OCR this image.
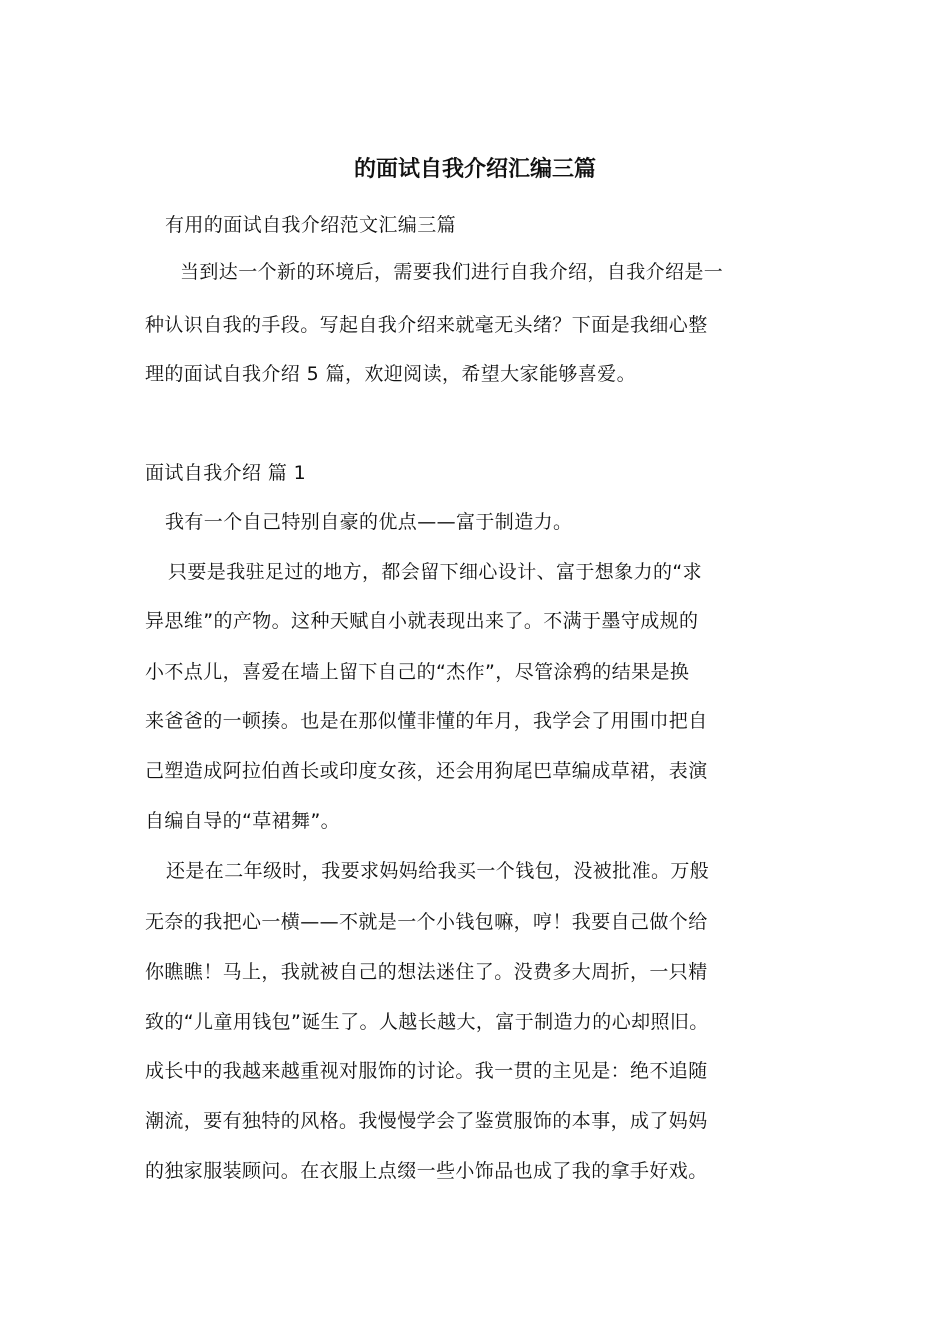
的面试自我介绍汇编三篇
有用的面试自我介绍范文汇编三篇
当到达一个新的环境后，需要我们进行自我介绍，自我介绍是一
种认识自我的手段。写起自我介绍来就毫无头绪？下面是我细心整
理的面试自我介绍 5 篇，欢迎阅读，希望大家能够喜爱。
面试自我介绍 篇 1
我有一个自己特别自豪的优点——富于制造力。
只要是我驻足过的地方，都会留下细心设计、富于想象力的“求
异思维”的产物。这种天赋自小就表现出来了。不满于墨守成规的
小不点儿，喜爱在墙上留下自己的“杰作”，尽管涂鸦的结果是换
来爸爸的一顿揍。也是在那似懂非懂的年月，我学会了用围巾把自
己塑造成阿拉伯酋长或印度女孩，还会用狗尾巴草编成草裙，表演
自编自导的“草裙舞”。
还是在二年级时，我要求妈妈给我买一个钱包，没被批准。万般
无奈的我把心一横——不就是一个小钱包嘛，哼！我要自己做个给
你瞧瞧！马上，我就被自己的想法迷住了。没费多大周折，一只精
致的“儿童用钱包”诞生了。人越长越大，富于制造力的心却照旧。
成长中的我越来越重视对服饰的讨论。我一贯的主见是：绝不追随
潮流，要有独特的风格。我慢慢学会了鉴赏服饰的本事，成了妈妈
的独家服装顾问。在衣服上点缀一些小饰品也成了我的拿手好戏。
